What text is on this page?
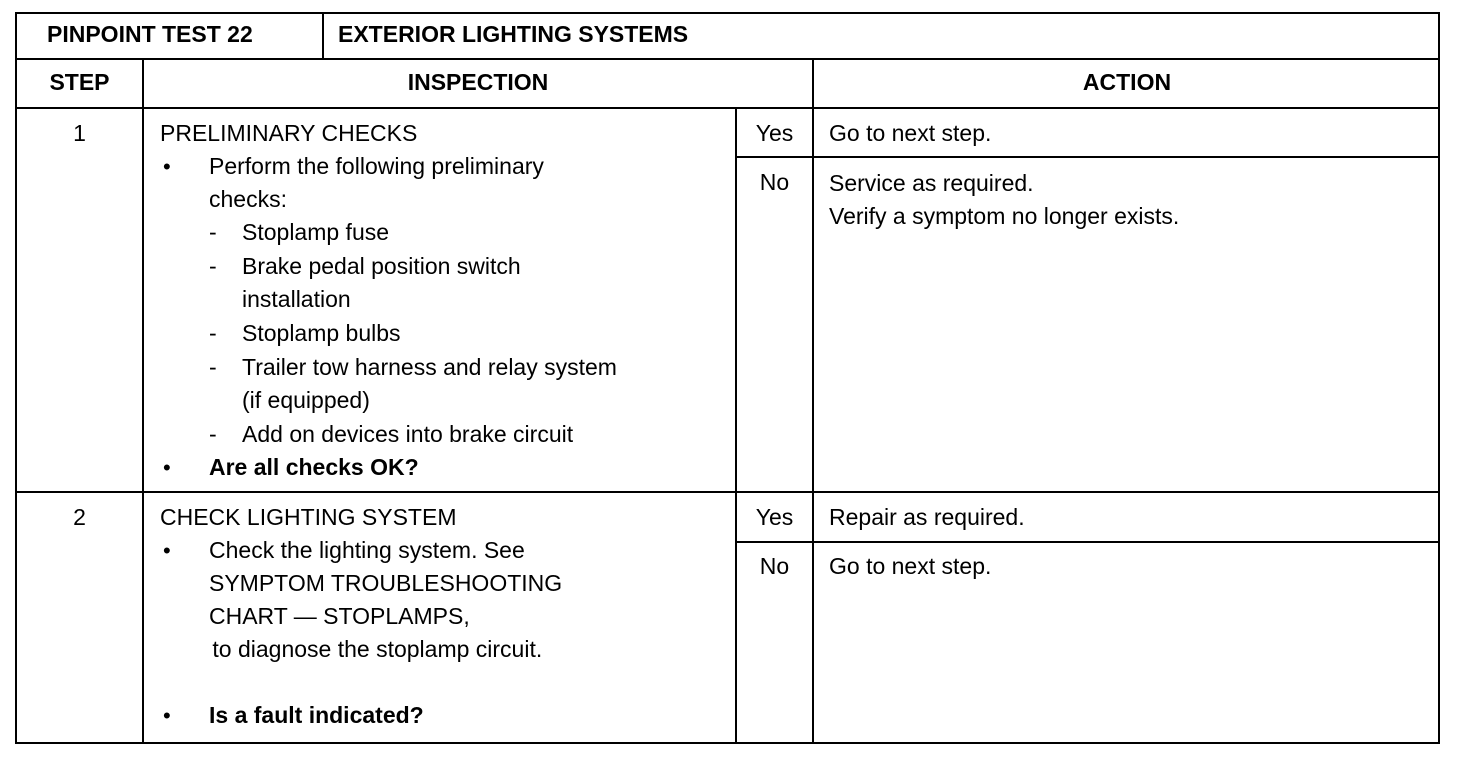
PINPOINT TEST 22	EXTERIOR LIGHTING SYSTEMS
STEP	INSPECTION	ACTION
1	PRELIMINARY CHECKS
• Perform the following preliminary
checks:
- Stoplamp fuse
- Brake pedal position switch
installation
- Stoplamp bulbs
- Trailer tow harness and relay system
(if equipped)
- Add on devices into brake circuit
• Are all checks OK?
Yes	Go to next step.
No	Service as required.
Verify a symptom no longer exists.
2	CHECK LIGHTING SYSTEM
• Check the lighting system. See
SYMPTOM TROUBLESHOOTING
CHART — STOPLAMPS,
to diagnose the stoplamp circuit.
• Is a fault indicated?
Yes	Repair as required.
No	Go to next step.
